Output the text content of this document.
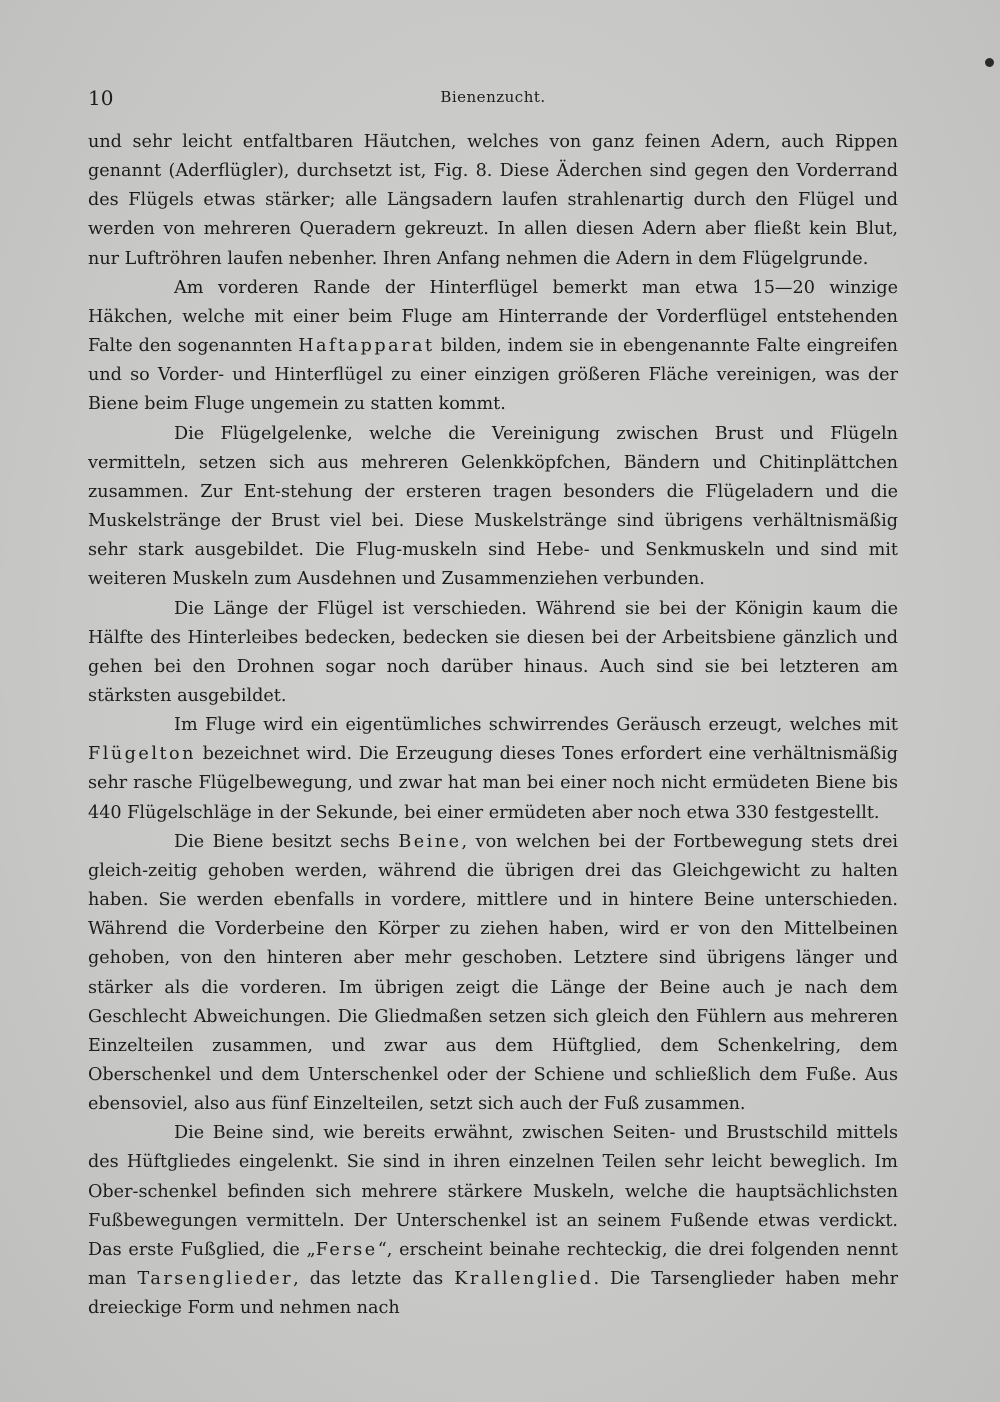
10	Bienenzucht.

und sehr leicht entfaltbaren Häutchen, welches von ganz feinen Adern, auch Rippen genannt (Aderflügler), durchsetzt ist, Fig. 8. Diese Äderchen sind gegen den Vorderrand des Flügels etwas stärker; alle Längsadern laufen strahlenartig durch den Flügel und werden von mehreren Queradern gekreuzt. In allen diesen Adern aber fließt kein Blut, nur Luftröhren laufen nebenher. Ihren Anfang nehmen die Adern in dem Flügelgrunde.

Am vorderen Rande der Hinterflügel bemerkt man etwa 15—20 winzige Häkchen, welche mit einer beim Fluge am Hinterrande der Vorderflügel entstehenden Falte den sogenannten Haftapparat bilden, indem sie in ebengenannte Falte eingreifen und so Vorder- und Hinterflügel zu einer einzigen größeren Fläche vereinigen, was der Biene beim Fluge ungemein zu statten kommt.

Die Flügelgelenke, welche die Vereinigung zwischen Brust und Flügeln vermitteln, setzen sich aus mehreren Gelenkköpfchen, Bändern und Chitinplättchen zusammen. Zur Ent-stehung der ersteren tragen besonders die Flügeladern und die Muskelstränge der Brust viel bei. Diese Muskelstränge sind übrigens verhältnismäßig sehr stark ausgebildet. Die Flug-muskeln sind Hebe- und Senkmuskeln und sind mit weiteren Muskeln zum Ausdehnen und Zusammenziehen verbunden.

Die Länge der Flügel ist verschieden. Während sie bei der Königin kaum die Hälfte des Hinterleibes bedecken, bedecken sie diesen bei der Arbeitsbiene gänzlich und gehen bei den Drohnen sogar noch darüber hinaus. Auch sind sie bei letzteren am stärksten ausgebildet.

Im Fluge wird ein eigentümliches schwirrendes Geräusch erzeugt, welches mit Flügelton bezeichnet wird. Die Erzeugung dieses Tones erfordert eine verhältnismäßig sehr rasche Flügelbewegung, und zwar hat man bei einer noch nicht ermüdeten Biene bis 440 Flügelschläge in der Sekunde, bei einer ermüdeten aber noch etwa 330 festgestellt.

Die Biene besitzt sechs Beine, von welchen bei der Fortbewegung stets drei gleich-zeitig gehoben werden, während die übrigen drei das Gleichgewicht zu halten haben. Sie werden ebenfalls in vordere, mittlere und in hintere Beine unterschieden. Während die Vorderbeine den Körper zu ziehen haben, wird er von den Mittelbeinen gehoben, von den hinteren aber mehr geschoben. Letztere sind übrigens länger und stärker als die vorderen. Im übrigen zeigt die Länge der Beine auch je nach dem Geschlecht Abweichungen. Die Gliedmaßen setzen sich gleich den Fühlern aus mehreren Einzelteilen zusammen, und zwar aus dem Hüftglied, dem Schenkelring, dem Oberschenkel und dem Unterschenkel oder der Schiene und schließlich dem Fuße. Aus ebensoviel, also aus fünf Einzelteilen, setzt sich auch der Fuß zusammen.

Die Beine sind, wie bereits erwähnt, zwischen Seiten- und Brustschild mittels des Hüftgliedes eingelenkt. Sie sind in ihren einzelnen Teilen sehr leicht beweglich. Im Ober-schenkel befinden sich mehrere stärkere Muskeln, welche die hauptsächlichsten Fußbewegungen vermitteln. Der Unterschenkel ist an seinem Fußende etwas verdickt. Das erste Fußglied, die „Ferse“, erscheint beinahe rechteckig, die drei folgenden nennt man Tarsenglieder, das letzte das Krallenglied. Die Tarsenglieder haben mehr dreieckige Form und nehmen nach
